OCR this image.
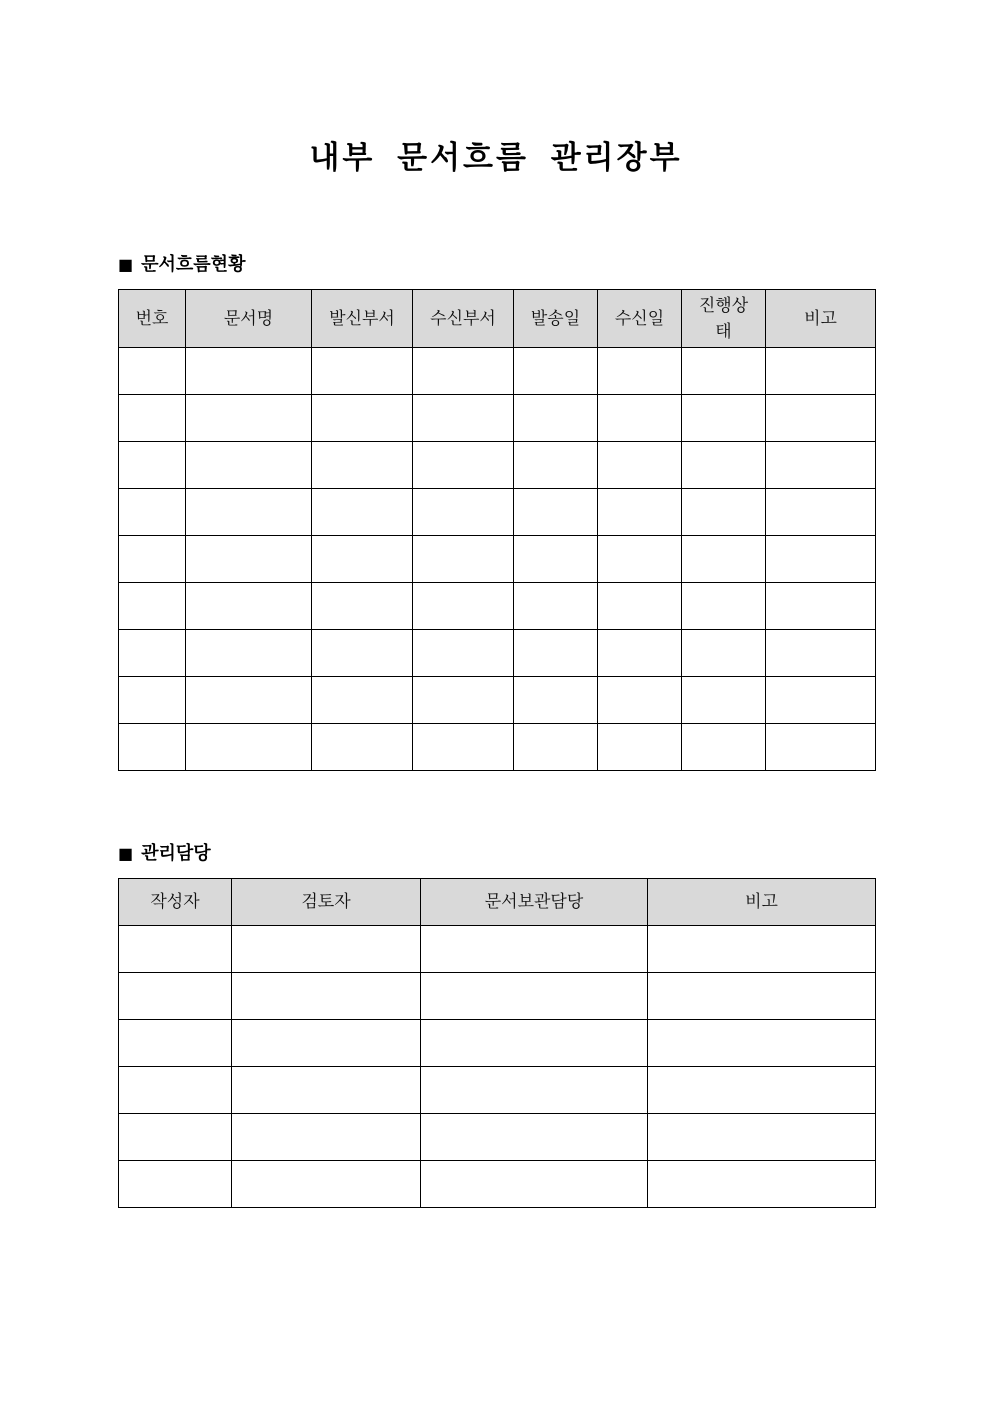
내부 문서흐름 관리장부
■ 문서흐름현황
번호	문서명	발신부서	수신부서	발송일	수신일	진행상태	비고

■ 관리담당
작성자	검토자	문서보관담당	비고
